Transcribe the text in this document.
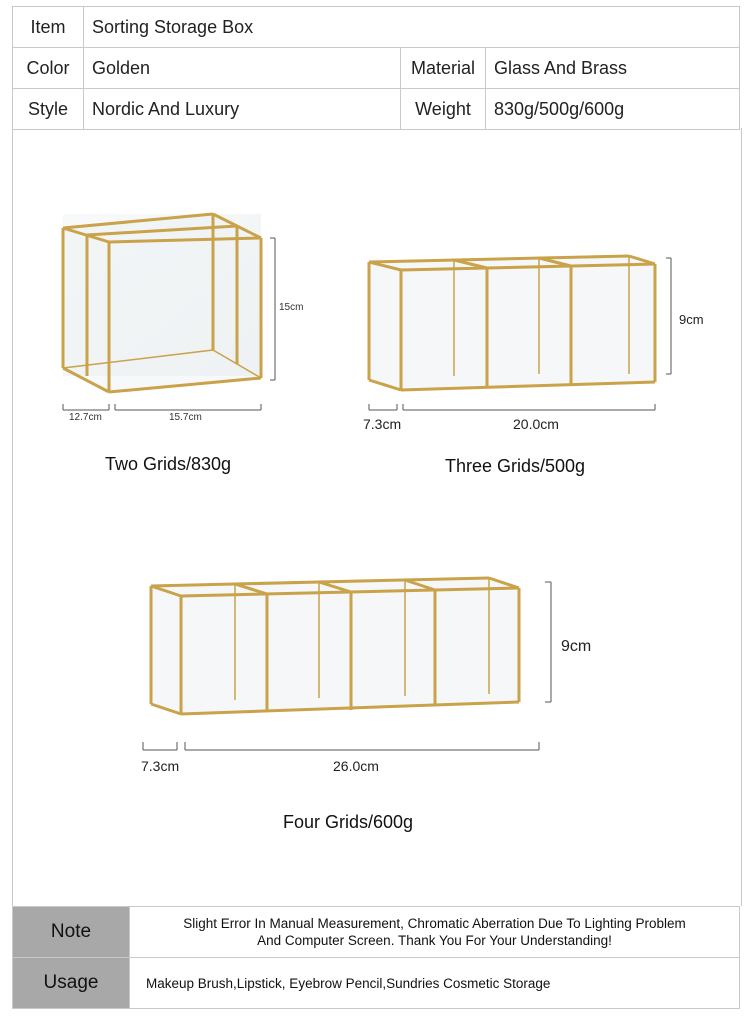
Item	Sorting Storage Box		
Color	Golden	Material	Glass And Brass
Style	Nordic And Luxury	Weight	830g/500g/600g
15cm
12.7cm	15.7cm
Two Grids/830g
9cm
7.3cm	20.0cm
Three Grids/500g
9cm
7.3cm	26.0cm
Four Grids/600g
Note	Slight Error In Manual Measurement, Chromatic Aberration Due To Lighting Problem
And Computer Screen. Thank You For Your Understanding!

Usage	Makeup Brush,Lipstick, Eyebrow Pencil,Sundries Cosmetic Storage
